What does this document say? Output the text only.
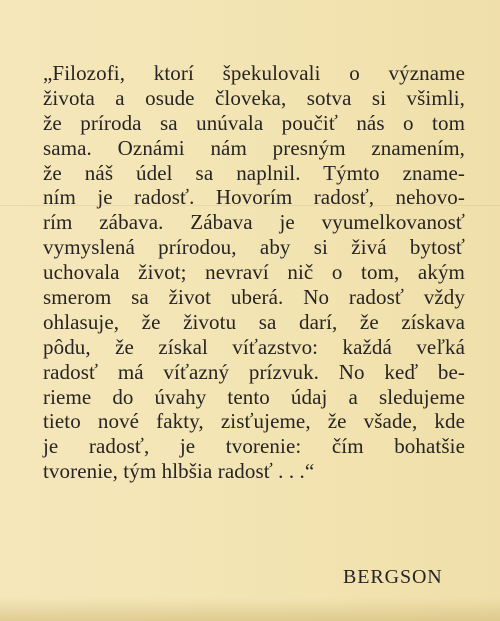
„Filozofi, ktorí špekulovali o význame
života a osude človeka, sotva si všimli,
že príroda sa unúvala poučiť nás o tom
sama. Oznámi nám presným znamením,
že náš údel sa naplnil. Týmto zname-
ním je radosť. Hovorím radosť, nehovo-
rím zábava. Zábava je vyumelkovanosť
vymyslená prírodou, aby si živá bytosť
uchovala život; nevraví nič o tom, akým
smerom sa život uberá. No radosť vždy
ohlasuje, že životu sa darí, že získava
pôdu, že získal víťazstvo: každá veľká
radosť má víťazný prízvuk. No keď be-
rieme do úvahy tento údaj a sledujeme
tieto nové fakty, zisťujeme, že všade, kde
je radosť, je tvorenie: čím bohatšie
tvorenie, tým hlbšia radosť . . .“
BERGSON
